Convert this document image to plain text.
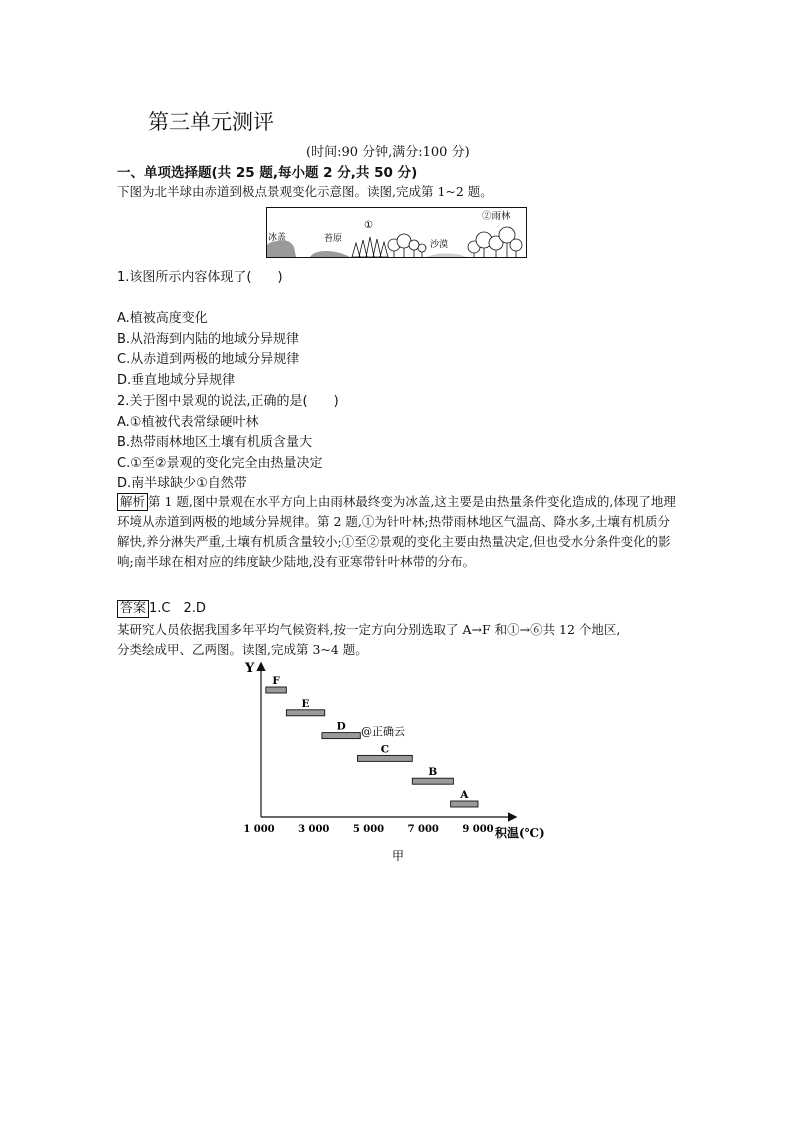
第三单元测评
(时间:90 分钟,满分:100 分)
一、单项选择题(共 25 题,每小题 2 分,共 50 分)
下图为北半球由赤道到极点景观变化示意图。读图,完成第 1~2 题。
冰盖	苔原
①
沙漠
②雨林
1.该图所示内容体现了(　　)
A.植被高度变化
B.从沿海到内陆的地域分异规律
C.从赤道到两极的地域分异规律
D.垂直地域分异规律
2.关于图中景观的说法,正确的是(　　)
A.①植被代表常绿硬叶林
B.热带雨林地区土壤有机质含量大
C.①至②景观的变化完全由热量决定
D.南半球缺少①自然带
解析 第 1 题,图中景观在水平方向上由雨林最终变为冰盖,这主要是由热量条件变化造成的,体现了地理环境从赤道到两极的地域分异规律。第 2 题,①为针叶林;热带雨林地区气温高、降水多,土壤有机质分解快,养分淋失严重,土壤有机质含量较小;①至②景观的变化主要由热量决定,但也受水分条件变化的影响;南半球在相对应的纬度缺少陆地,没有亚寒带针叶林带的分布。
答案 1.C　2.D
某研究人员依据我国多年平均气候资料,按一定方向分别选取了 A→F 和①→⑥共 12 个地区,
分类绘成甲、乙两图。读图,完成第 3~4 题。
Y
积温(℃)
1 000 3 000 5 000 7 000 9 000
F
E
D
C
B
A
@正确云
甲
